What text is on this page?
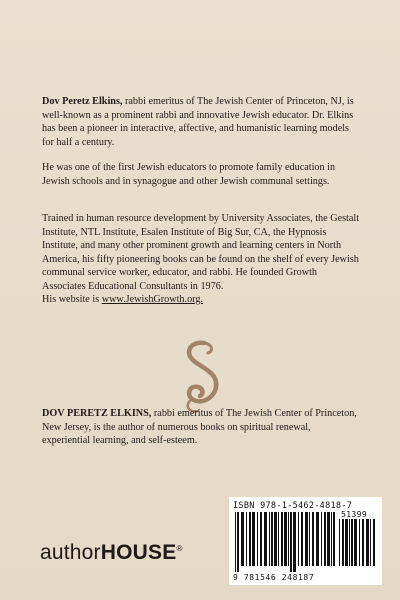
Dov Peretz Elkins, rabbi emeritus of The Jewish Center of Princeton, NJ, is well-known as a prominent rabbi and innovative Jewish educator. Dr. Elkins has been a pioneer in interactive, affective, and humanistic learning models for half a century.

He was one of the first Jewish educators to promote family education in Jewish schools and in synagogue and other Jewish communal settings.

Trained in human resource development by University Associates, the Gestalt Institute, NTL Institute, Esalen Institute of Big Sur, CA, the Hypnosis Institute, and many other prominent growth and learning centers in North America, his fifty pioneering books can be found on the shelf of every Jewish communal service worker, educator, and rabbi. He founded Growth Associates Educational Consultants in 1976.

His website is www.JewishGrowth.org.

DOV PERETZ ELKINS, rabbi emeritus of The Jewish Center of Princeton, New Jersey, is the author of numerous books on spiritual renewal, experiential learning, and self-esteem.

authorHOUSE®
ISBN 978-1-5462-4818-7
51399
9 781546 248187
